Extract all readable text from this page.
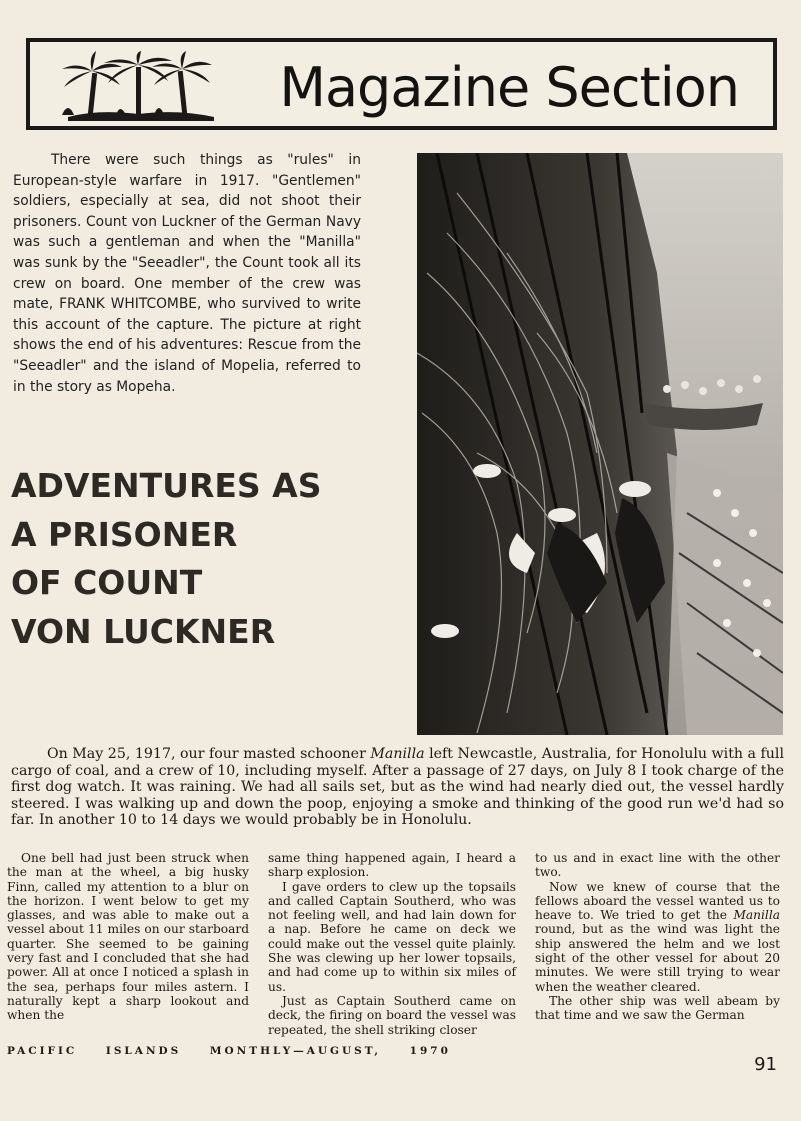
Magazine Section

There were such things as "rules" in European-style warfare in 1917. "Gentlemen" soldiers, especially at sea, did not shoot their prisoners. Count von Luckner of the German Navy was such a gentleman and when the "Manilla" was sunk by the "Seeadler", the Count took all its crew on board. One member of the crew was mate, FRANK WHITCOMBE, who survived to write this account of the capture. The picture at right shows the end of his adventures: Rescue from the "Seeadler" and the island of Mopelia, referred to in the story as Mopeha.

ADVENTURES AS
A PRISONER
OF COUNT
VON LUCKNER

On May 25, 1917, our four masted schooner Manilla left Newcastle, Australia, for Honolulu with a full cargo of coal, and a crew of 10, including myself. After a passage of 27 days, on July 8 I took charge of the first dog watch. It was raining. We had all sails set, but as the wind had nearly died out, the vessel hardly steered. I was walking up and down the poop, enjoying a smoke and thinking of the good run we'd had so far. In another 10 to 14 days we would probably be in Honolulu.

One bell had just been struck when the man at the wheel, a big husky Finn, called my attention to a blur on the horizon. I went below to get my glasses, and was able to make out a vessel about 11 miles on our starboard quarter. She seemed to be gaining very fast and I concluded that she had power. All at once I noticed a splash in the sea, perhaps four miles astern. I naturally kept a sharp lookout and when the

same thing happened again, I heard a sharp explosion.

I gave orders to clew up the topsails and called Captain Southerd, who was not feeling well, and had lain down for a nap. Before he came on deck we could make out the vessel quite plainly. She was clewing up her lower topsails, and had come up to within six miles of us.

Just as Captain Southerd came on deck, the firing on board the vessel was repeated, the shell striking closer

to us and in exact line with the other two.

Now we knew of course that the fellows aboard the vessel wanted us to heave to. We tried to get the Manilla round, but as the wind was light the ship answered the helm and we lost sight of the other vessel for about 20 minutes. We were still trying to wear when the weather cleared.

The other ship was well abeam by that time and we saw the German

PACIFIC ISLANDS MONTHLY—AUGUST, 1970
91
